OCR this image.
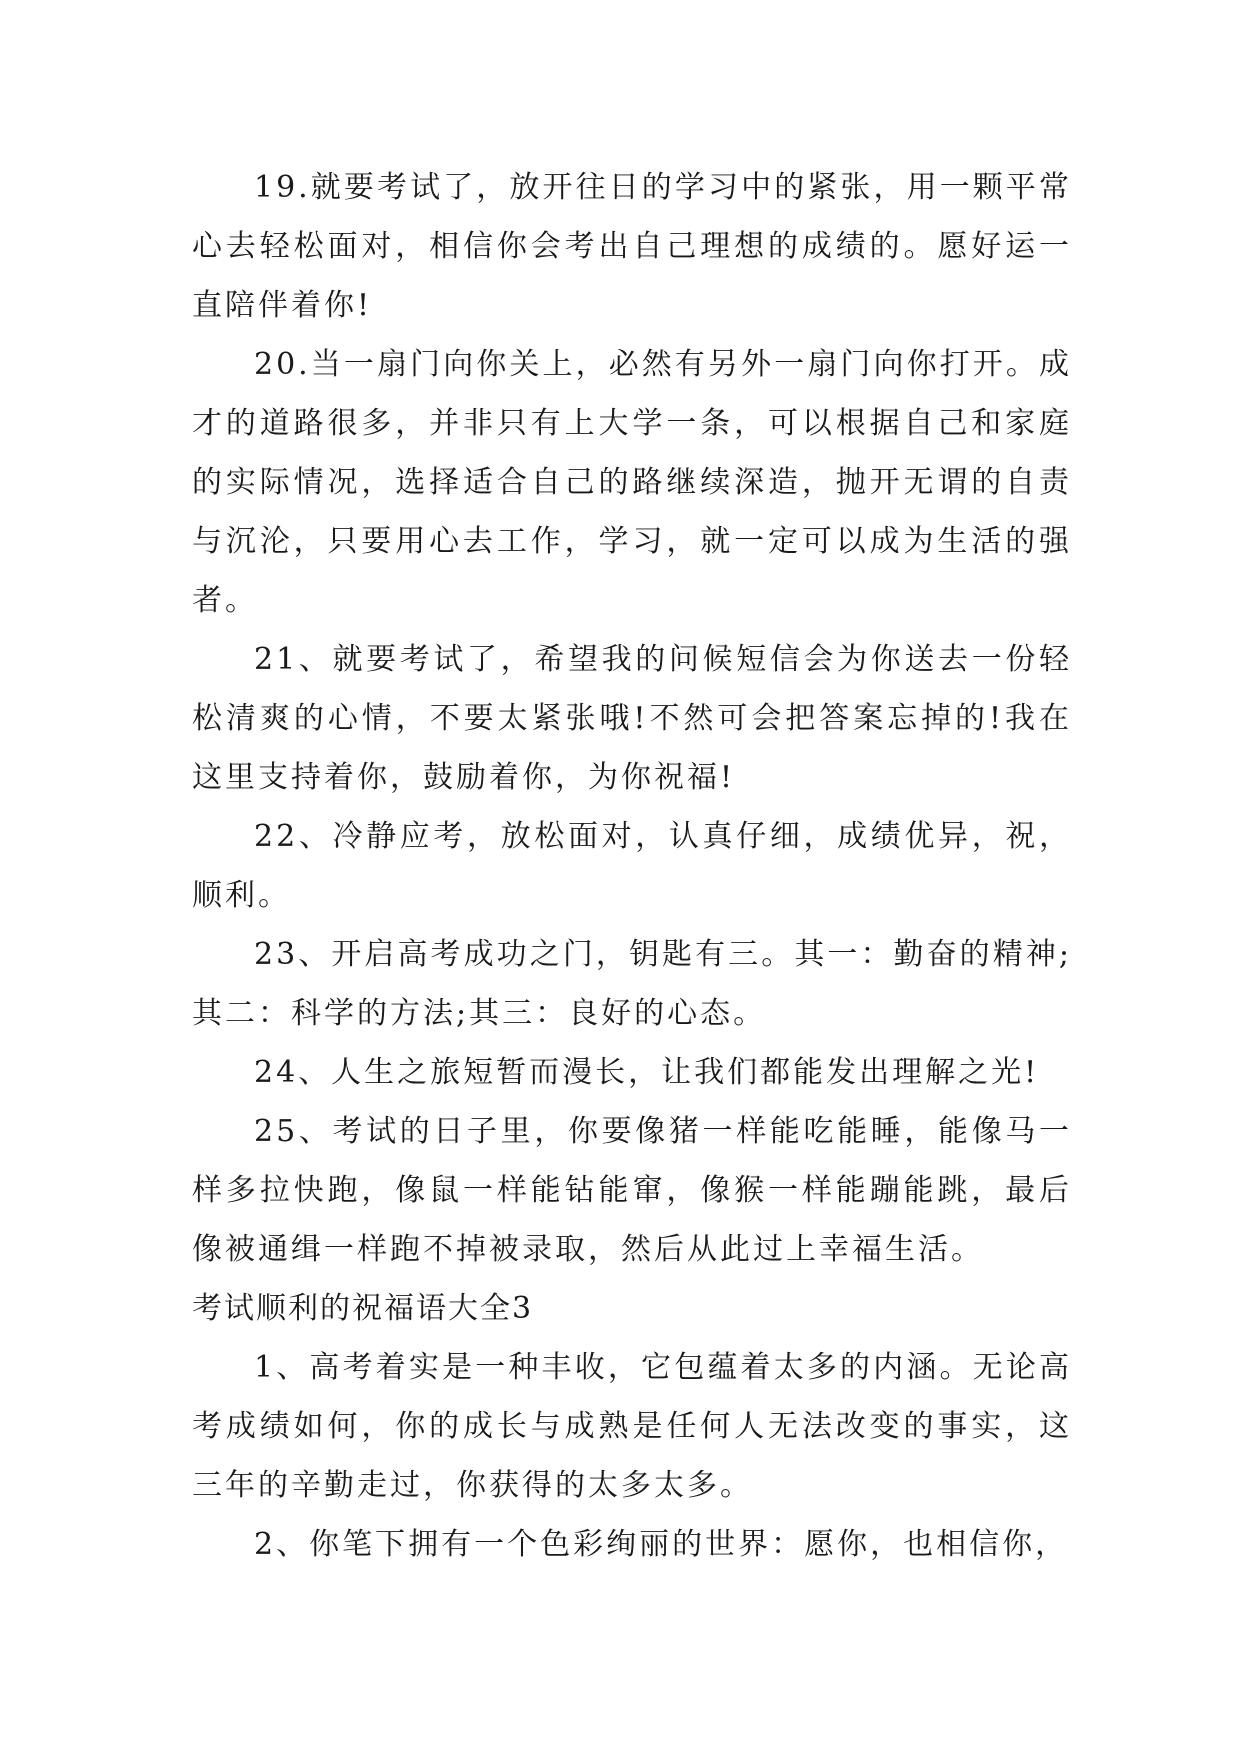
19.就要考试了，放开往日的学习中的紧张，用一颗平常心去轻松面对，相信你会考出自己理想的成绩的。愿好运一直陪伴着你!

20.当一扇门向你关上，必然有另外一扇门向你打开。成才的道路很多，并非只有上大学一条，可以根据自己和家庭的实际情况，选择适合自己的路继续深造，抛开无谓的自责与沉沦，只要用心去工作，学习，就一定可以成为生活的强者。

21、就要考试了，希望我的问候短信会为你送去一份轻松清爽的心情，不要太紧张哦!不然可会把答案忘掉的!我在这里支持着你，鼓励着你，为你祝福!

22、冷静应考，放松面对，认真仔细，成绩优异，祝，顺利。

23、开启高考成功之门，钥匙有三。其一：勤奋的精神;其二：科学的方法;其三：良好的心态。

24、人生之旅短暂而漫长，让我们都能发出理解之光!

25、考试的日子里，你要像猪一样能吃能睡，能像马一样多拉快跑，像鼠一样能钻能窜，像猴一样能蹦能跳，最后像被通缉一样跑不掉被录取，然后从此过上幸福生活。

考试顺利的祝福语大全3

1、高考着实是一种丰收，它包蕴着太多的内涵。无论高考成绩如何，你的成长与成熟是任何人无法改变的事实，这三年的辛勤走过，你获得的太多太多。

2、你笔下拥有一个色彩绚丽的世界：愿你，也相信你，
